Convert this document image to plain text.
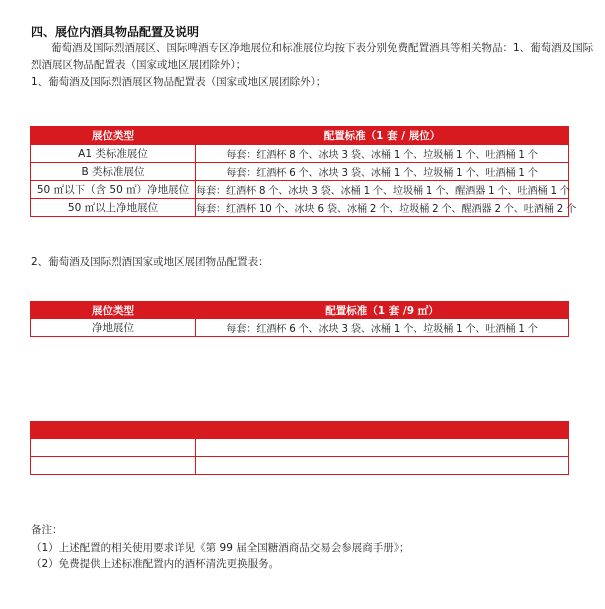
四、展位内酒具物品配置及说明
葡萄酒及国际烈酒展区、国际啤酒专区净地展位和标准展位均按下表分别免费配置酒具等相关物品：1、葡萄酒及国际
烈酒展区物品配置表（国家或地区展团除外）；
1、葡萄酒及国际烈酒展区物品配置表（国家或地区展团除外）；
展位类型	配置标准（1 套 / 展位）
A1 类标准展位	每套：红酒杯 8 个、冰块 3 袋、冰桶 1 个、垃圾桶 1 个、吐酒桶 1 个
B 类标准展位	每套：红酒杯 6 个、冰块 3 袋、冰桶 1 个、垃圾桶 1 个、吐酒桶 1 个
50 ㎡以下（含 50 ㎡）净地展位	每套：红酒杯 8 个、冰块 3 袋、冰桶 1 个、垃圾桶 1 个、醒酒器 1 个、吐酒桶 1 个
50 ㎡以上净地展位	每套：红酒杯 10 个、冰块 6 袋、冰桶 2 个、垃圾桶 2 个、醒酒器 2 个、吐酒桶 2 个
2、葡萄酒及国际烈酒国家或地区展团物品配置表：
展位类型	配置标准（1 套 /9 ㎡）
净地展位	每套：红酒杯 6 个、冰块 3 袋、冰桶 1 个、垃圾桶 1 个、吐酒桶 1 个

备注：
（1）上述配置的相关使用要求详见《第 99 届全国糖酒商品交易会参展商手册》；
（2）免费提供上述标准配置内的酒杯清洗更换服务。
